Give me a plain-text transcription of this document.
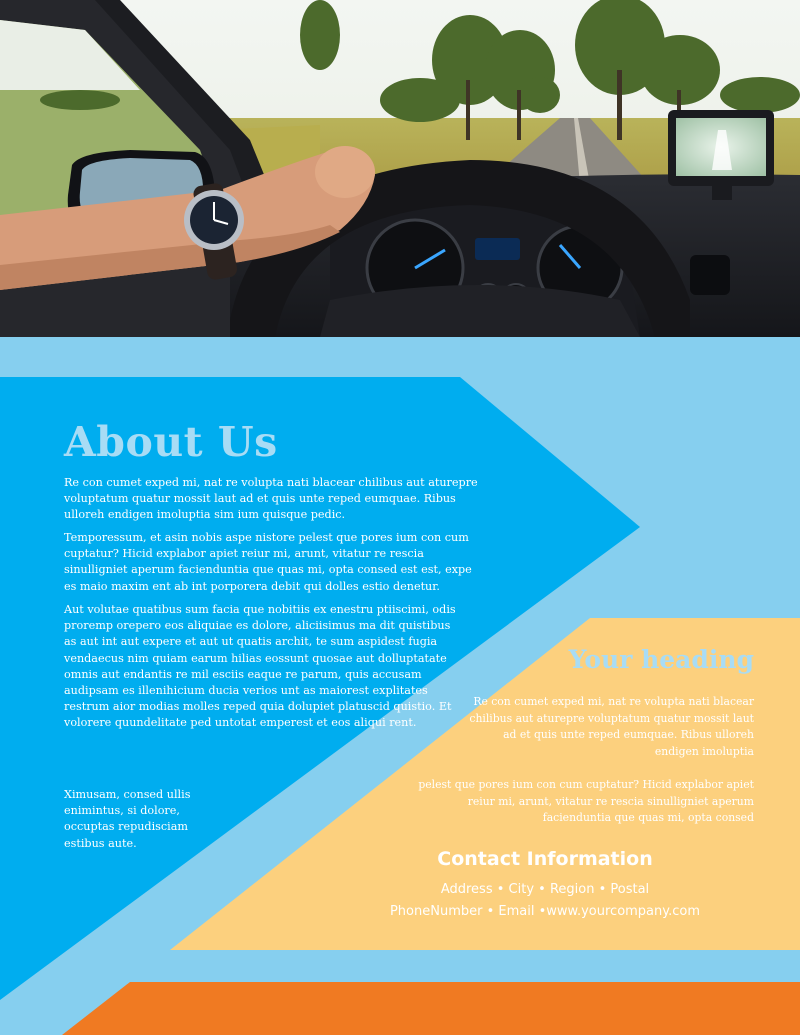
About Us

Re con cumet exped mi, nat re volupta nati blacear chilibus aut aturepre voluptatum quatur mossit laut ad et quis unte reped eumquae. Ribus ulloreh endigen imoluptia sim ium quisque pedic.

Temporessum, et asin nobis aspe nistore pelest que pores ium con cum cuptatur? Hicid explabor apiet reiur mi, arunt, vitatur re rescia sinulligniet aperum facienduntia que quas mi, opta consed est est, expe es maio maxim ent ab int porporera debit qui dolles estio denetur.

Aut volutae quatibus sum facia que nobitiis ex enestru ptiiscimi, odis proremp orepero eos aliquiae es dolore, aliciisimus ma dit quistibus as aut int aut expere et aut ut quatis archit, te sum aspidest fugia vendaecus nim quiam earum hilias eossunt quosae aut dolluptatate omnis aut endantis re mil esciis eaque re parum, quis accusam audipsam es illenihicium ducia verios unt as maiorest explitates restrum aior modias molles reped quia dolupiet platuscid quistio. Et volorere quundelitate ped untotat emperest et eos aliqui rent.

Ximusam, consed ullis enimintus, si dolore, occuptas repudisciam estibus aute.

Your heading

Re con cumet exped mi, nat re volupta nati blacear chilibus aut aturepre voluptatum quatur mossit laut ad et quis unte reped eumquae. Ribus ulloreh endigen imoluptia

pelest que pores ium con cum cuptatur? Hicid explabor apiet reiur mi, arunt, vitatur re rescia sinulligniet aperum facienduntia que quas mi, opta consed

Contact Information

Address • City • Region • Postal

PhoneNumber • Email •www.yourcompany.com
